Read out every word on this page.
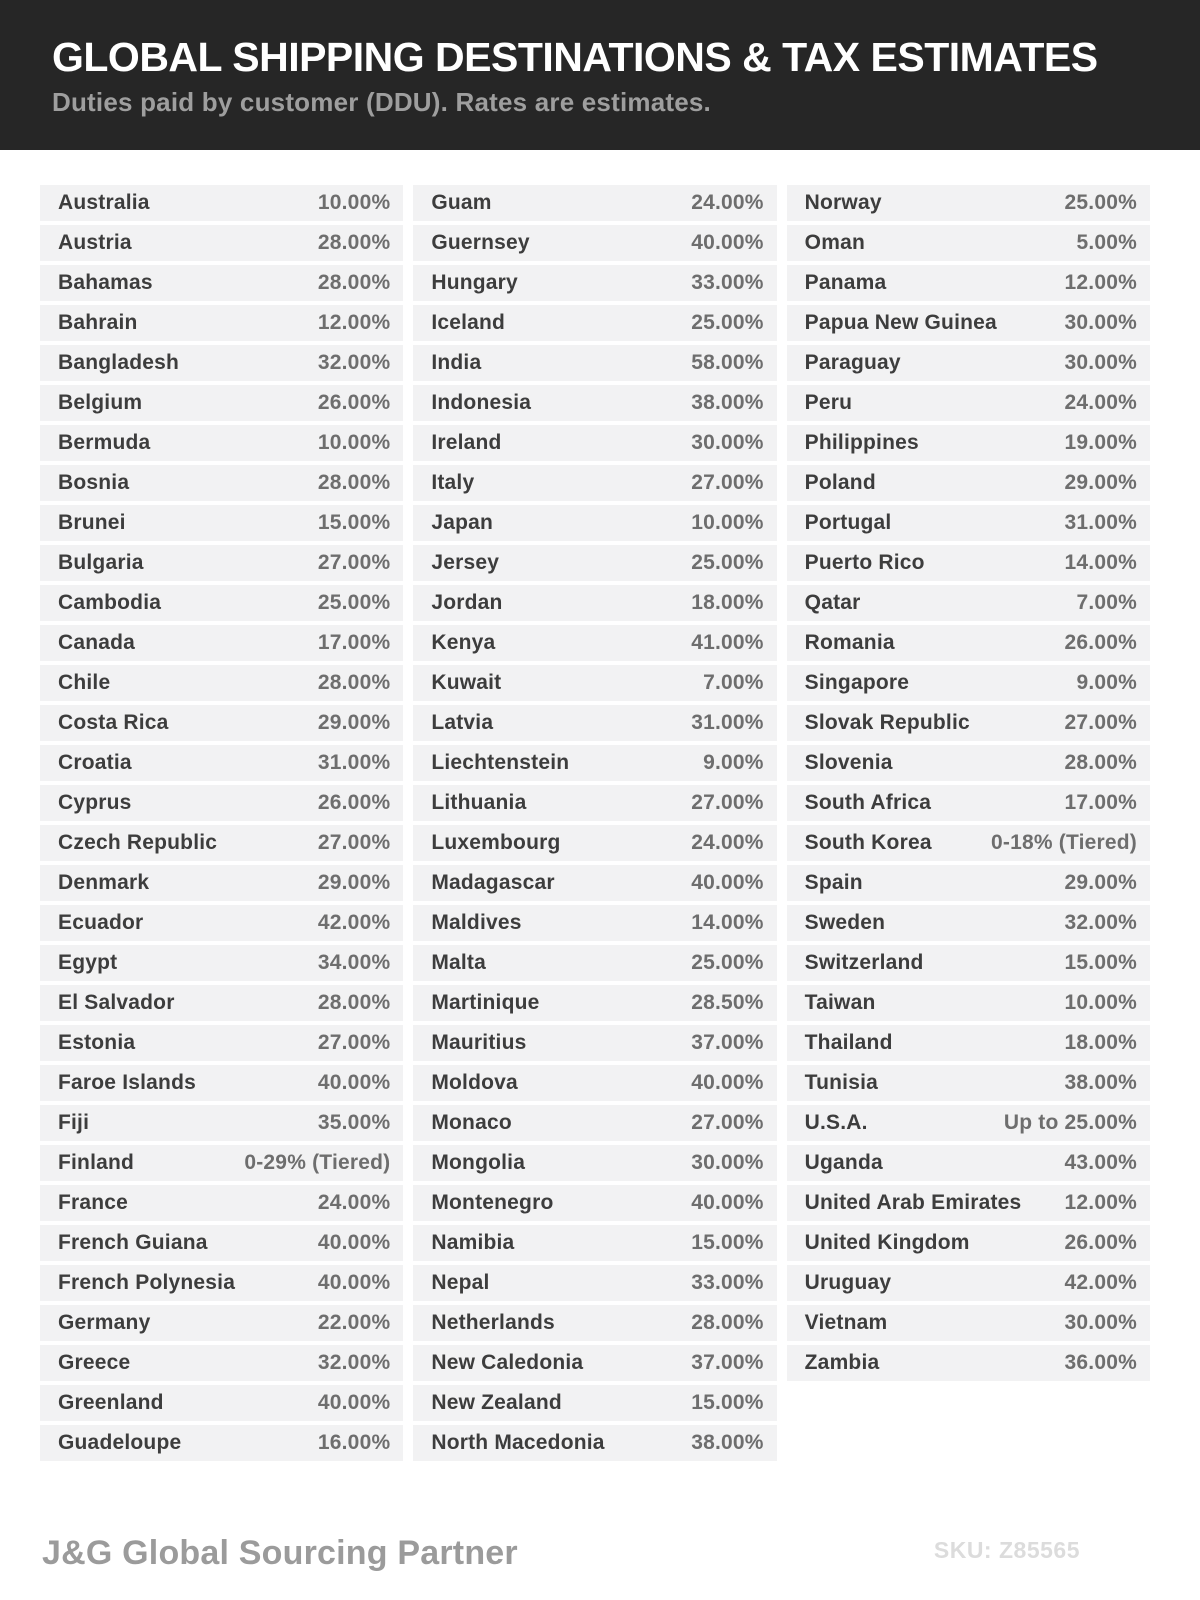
GLOBAL SHIPPING DESTINATIONS & TAX ESTIMATES

Duties paid by customer (DDU). Rates are estimates.

Australia	10.00%
Austria	28.00%
Bahamas	28.00%
Bahrain	12.00%
Bangladesh	32.00%
Belgium	26.00%
Bermuda	10.00%
Bosnia	28.00%
Brunei	15.00%
Bulgaria	27.00%
Cambodia	25.00%
Canada	17.00%
Chile	28.00%
Costa Rica	29.00%
Croatia	31.00%
Cyprus	26.00%
Czech Republic	27.00%
Denmark	29.00%
Ecuador	42.00%
Egypt	34.00%
El Salvador	28.00%
Estonia	27.00%
Faroe Islands	40.00%
Fiji	35.00%
Finland	0-29% (Tiered)
France	24.00%
French Guiana	40.00%
French Polynesia	40.00%
Germany	22.00%
Greece	32.00%
Greenland	40.00%
Guadeloupe	16.00%
Guam	24.00%
Guernsey	40.00%
Hungary	33.00%
Iceland	25.00%
India	58.00%
Indonesia	38.00%
Ireland	30.00%
Italy	27.00%
Japan	10.00%
Jersey	25.00%
Jordan	18.00%
Kenya	41.00%
Kuwait	7.00%
Latvia	31.00%
Liechtenstein	9.00%
Lithuania	27.00%
Luxembourg	24.00%
Madagascar	40.00%
Maldives	14.00%
Malta	25.00%
Martinique	28.50%
Mauritius	37.00%
Moldova	40.00%
Monaco	27.00%
Mongolia	30.00%
Montenegro	40.00%
Namibia	15.00%
Nepal	33.00%
Netherlands	28.00%
New Caledonia	37.00%
New Zealand	15.00%
North Macedonia	38.00%
Norway	25.00%
Oman	5.00%
Panama	12.00%
Papua New Guinea	30.00%
Paraguay	30.00%
Peru	24.00%
Philippines	19.00%
Poland	29.00%
Portugal	31.00%
Puerto Rico	14.00%
Qatar	7.00%
Romania	26.00%
Singapore	9.00%
Slovak Republic	27.00%
Slovenia	28.00%
South Africa	17.00%
South Korea	0-18% (Tiered)
Spain	29.00%
Sweden	32.00%
Switzerland	15.00%
Taiwan	10.00%
Thailand	18.00%
Tunisia	38.00%
U.S.A.	Up to 25.00%
Uganda	43.00%
United Arab Emirates 12.00%
United Kingdom	26.00%
Uruguay	42.00%
Vietnam	30.00%
Zambia	36.00%
J&G Global Sourcing Partner	SKU: Z85565
